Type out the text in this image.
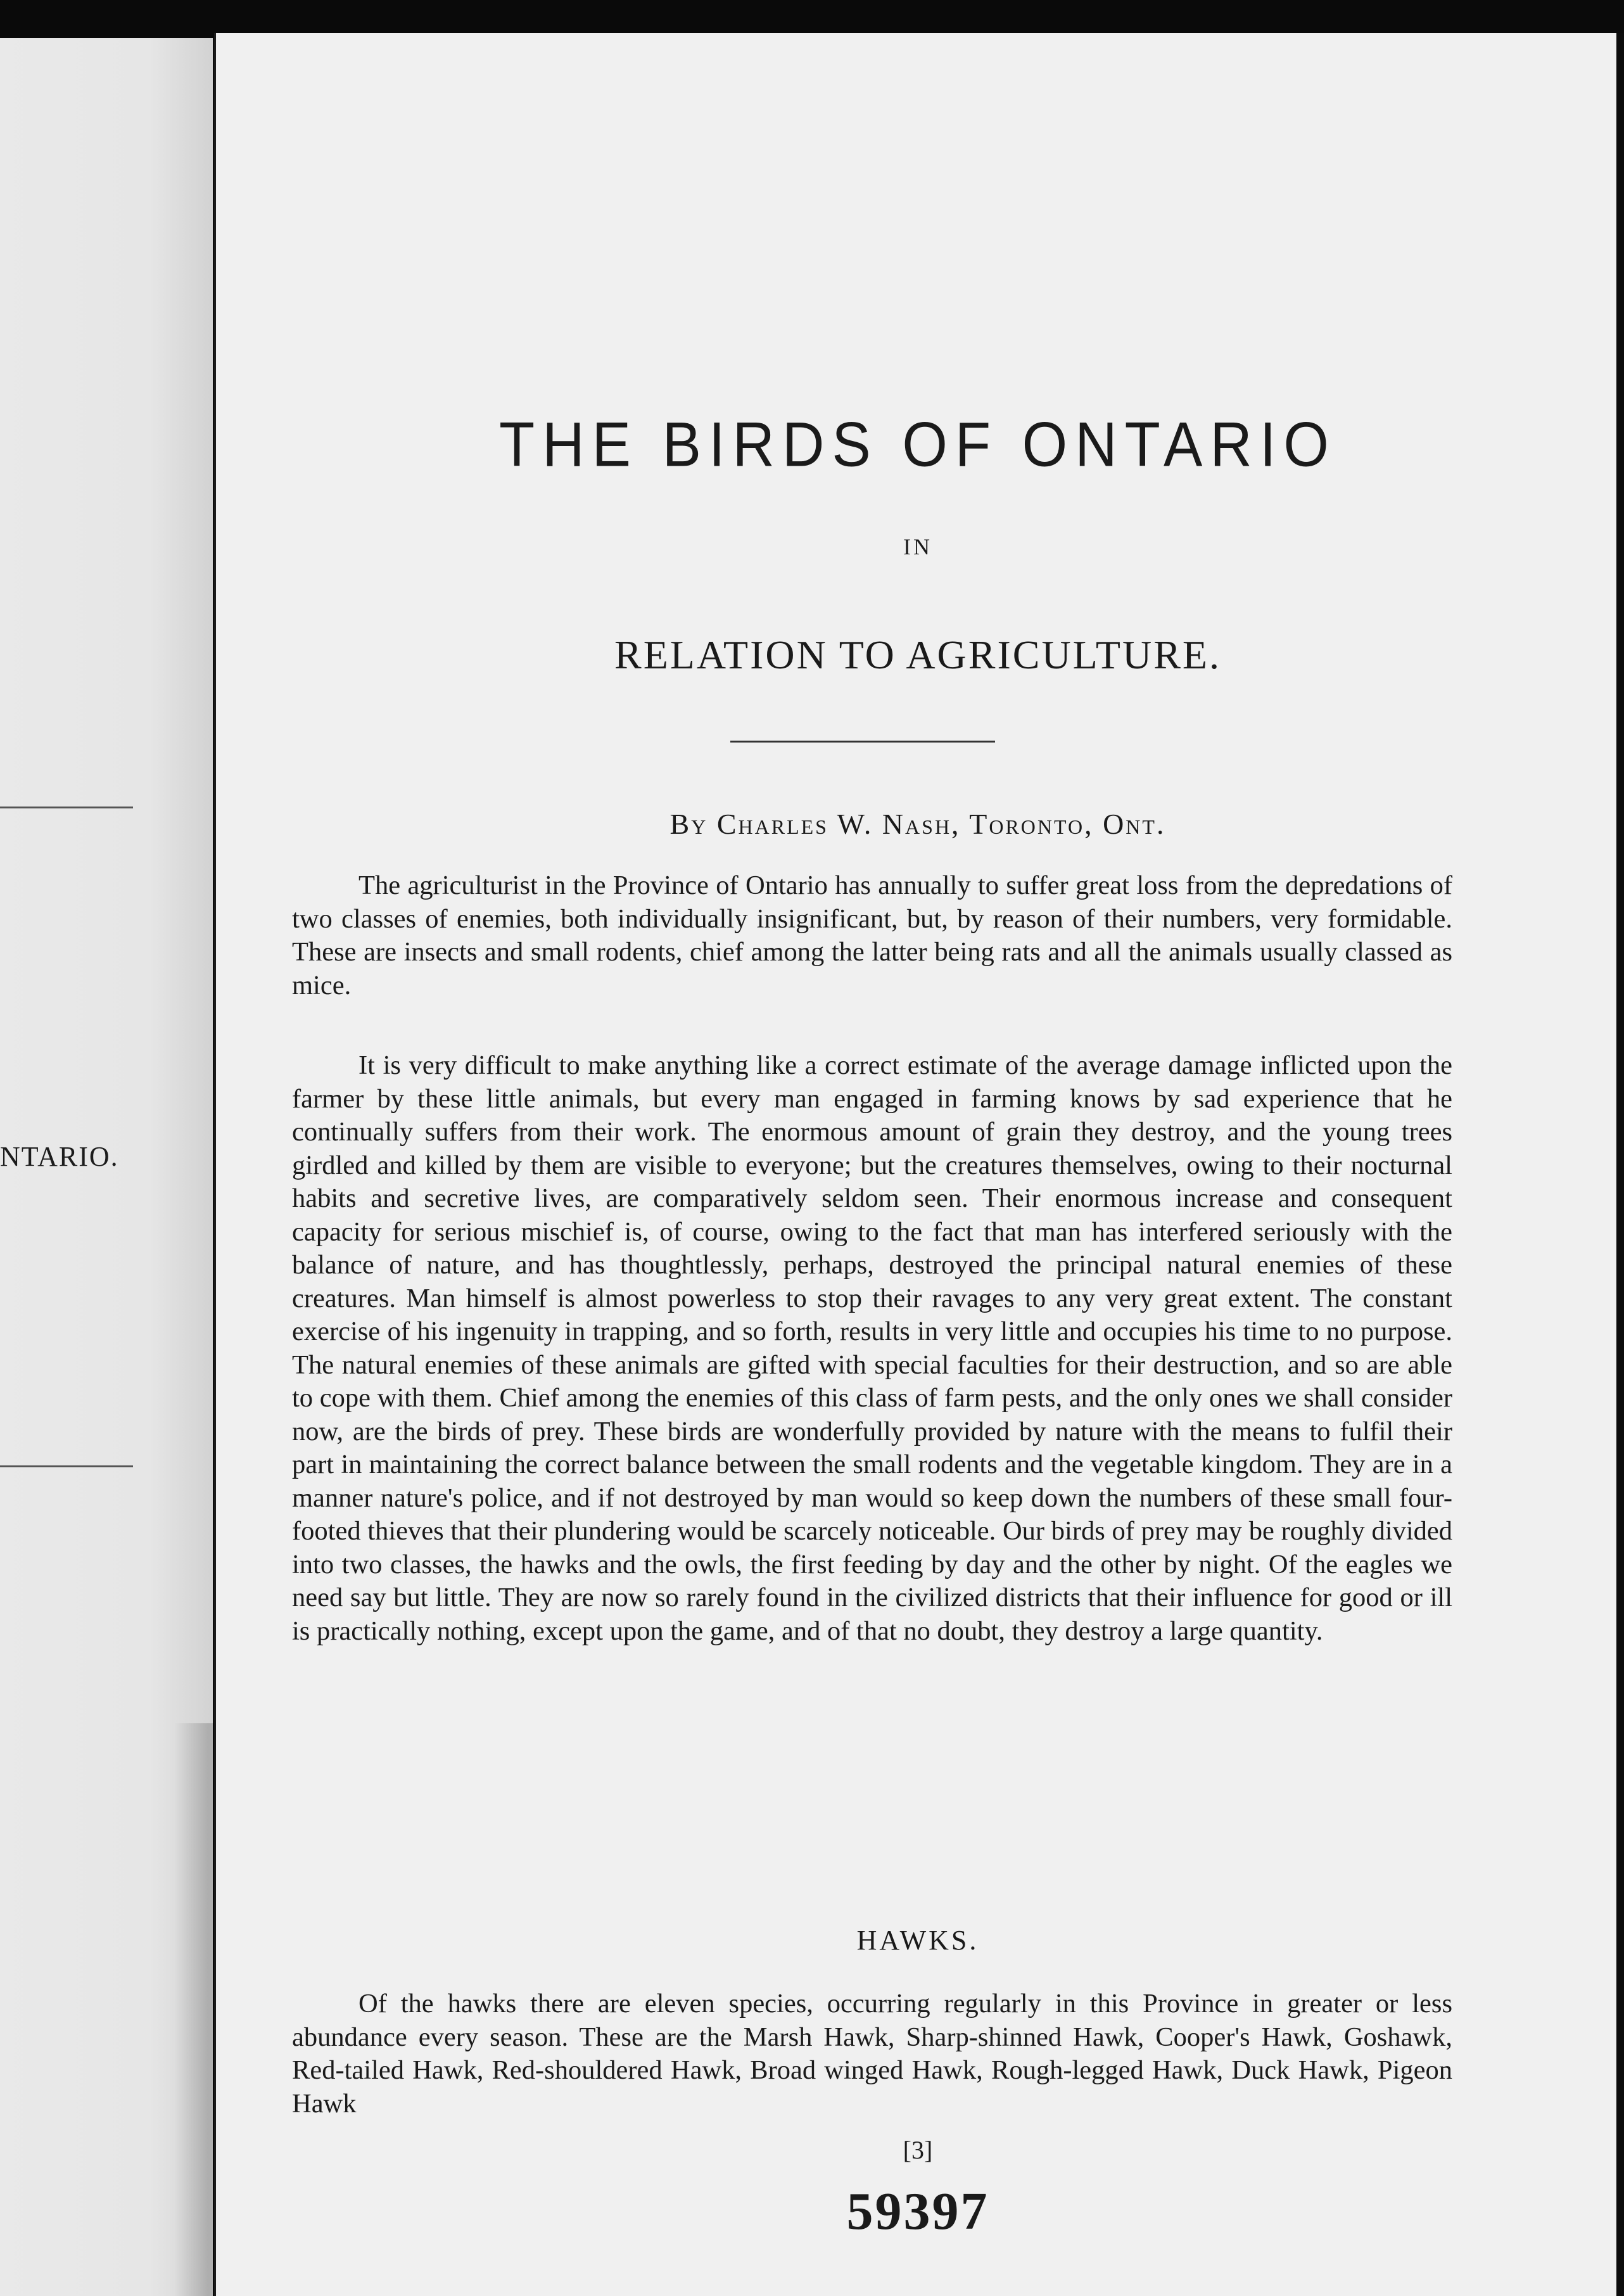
NTARIO.
THE BIRDS OF ONTARIO
IN
RELATION TO AGRICULTURE.
By Charles W. Nash, Toronto, Ont.

The agriculturist in the Province of Ontario has annually to suffer great loss from the depredations of two classes of enemies, both individually insignificant, but, by reason of their numbers, very formidable. These are insects and small rodents, chief among the latter being rats and all the animals usually classed as mice.

It is very difficult to make anything like a correct estimate of the average damage inflicted upon the farmer by these little animals, but every man engaged in farming knows by sad experience that he continually suffers from their work. The enormous amount of grain they destroy, and the young trees girdled and killed by them are visible to everyone; but the creatures themselves, owing to their nocturnal habits and secretive lives, are comparatively seldom seen. Their enormous increase and consequent capacity for serious mischief is, of course, owing to the fact that man has interfered seriously with the balance of nature, and has thoughtlessly, perhaps, destroyed the principal natural enemies of these creatures. Man himself is almost powerless to stop their ravages to any very great extent. The constant exercise of his ingenuity in trapping, and so forth, results in very little and occupies his time to no purpose. The natural enemies of these animals are gifted with special faculties for their destruction, and so are able to cope with them. Chief among the enemies of this class of farm pests, and the only ones we shall consider now, are the birds of prey. These birds are wonderfully provided by nature with the means to fulfil their part in maintaining the correct balance between the small rodents and the vegetable kingdom. They are in a manner nature's police, and if not destroyed by man would so keep down the numbers of these small four-footed thieves that their plundering would be scarcely noticeable. Our birds of prey may be roughly divided into two classes, the hawks and the owls, the first feeding by day and the other by night. Of the eagles we need say but little. They are now so rarely found in the civilized districts that their influence for good or ill is practically nothing, except upon the game, and of that no doubt, they destroy a large quantity.

HAWKS.

Of the hawks there are eleven species, occurring regularly in this Province in greater or less abundance every season. These are the Marsh Hawk, Sharp-shinned Hawk, Cooper's Hawk, Goshawk, Red-tailed Hawk, Red-shouldered Hawk, Broad winged Hawk, Rough-legged Hawk, Duck Hawk, Pigeon Hawk

[3]
59397
